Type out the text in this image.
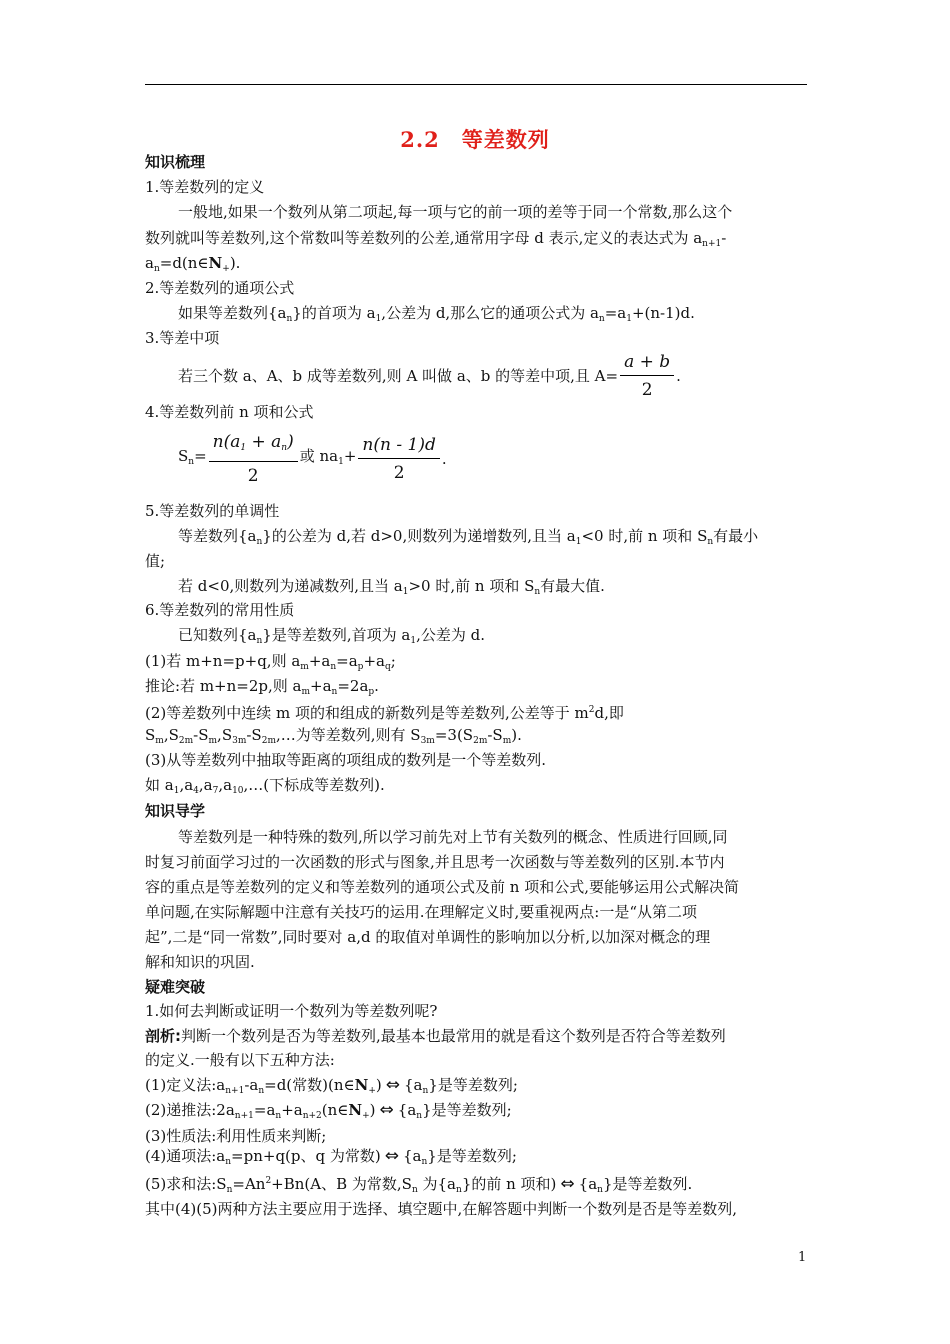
2.2　等差数列
知识梳理
1.等差数列的定义
一般地,如果一个数列从第二项起,每一项与它的前一项的差等于同一个常数,那么这个
数列就叫等差数列,这个常数叫等差数列的公差,通常用字母 d 表示,定义的表达式为 $a_{n+1}-$
$a_n=d(n\in N_+)$.
2.等差数列的通项公式
如果等差数列$\{a_n\}$的首项为 $a_1$,公差为 d,那么它的通项公式为 $a_n=a_1+(n-1)d$.
3.等差中项
若三个数 a、A、b 成等差数列,则 A 叫做 a、b 的等差中项,且 $A= \frac{a + b}{2}$ .
4.等差数列前 n 项和公式
$S_n= \frac{n(a_1 + a_n)}{2}$ 或 $na_1+ \frac{n(n - 1)d}{2}$ .
5.等差数列的单调性
等差数列$\{a_n\}$的公差为 d,若 d>0,则数列为递增数列,且当 $a_1<0$ 时,前 n 项和 $S_n$有最小
值;
若 d<0,则数列为递减数列,且当 $a_1>0$ 时,前 n 项和 $S_n$有最大值.
6.等差数列的常用性质
已知数列$\{a_n\}$是等差数列,首项为 $a_1$,公差为 d.
(1)若 m+n=p+q,则 $a_m+a_n=a_p+a_q$;
推论:若 m+n=2p,则 $a_m+a_n=2a_p$.
(2)等差数列中连续 m 项的和组成的新数列是等差数列,公差等于 $m^2d$,即
$S_m,S_{2m}-S_m,S_{3m}-S_{2m},\dots$为等差数列,则有 $S_{3m}=3(S_{2m}-S_m)$.
(3)从等差数列中抽取等距离的项组成的数列是一个等差数列.
如 $a_1,a_4,a_7,a_{10},\dots$(下标成等差数列).
知识导学
等差数列是一种特殊的数列,所以学习前先对上节有关数列的概念、性质进行回顾,同
时复习前面学习过的一次函数的形式与图象,并且思考一次函数与等差数列的区别.本节内
容的重点是等差数列的定义和等差数列的通项公式及前 n 项和公式,要能够运用公式解决简
单问题,在实际解题中注意有关技巧的运用.在理解定义时,要重视两点:一是“从第二项
起”,二是“同一常数”,同时要对 a,d 的取值对单调性的影响加以分析,以加深对概念的理
解和知识的巩固.
疑难突破
1.如何去判断或证明一个数列为等差数列呢?
剖析:判断一个数列是否为等差数列,最基本也最常用的就是看这个数列是否符合等差数列
的定义.一般有以下五种方法:
(1)定义法$:a_{n+1}-a_n=d$(常数)$(n\in N_+)$ ⇔ $\{a_n\}$是等差数列;
(2)递推法$:2a_{n+1}=a_n+a_{n+2}(n\in N_+)$ ⇔ $\{a_n\}$是等差数列;
(3)性质法:利用性质来判断;
(4)通项法$:a_n=pn+q(p$、q 为常数) ⇔ $\{a_n\}$是等差数列;
(5)求和法$:S_n=An^2+Bn(A$、B 为常数$,S_n$ 为$\{a_n\}$的前 n 项和) ⇔ $\{a_n\}$是等差数列.
其中(4)(5)两种方法主要应用于选择、填空题中,在解答题中判断一个数列是否是等差数列,
1
